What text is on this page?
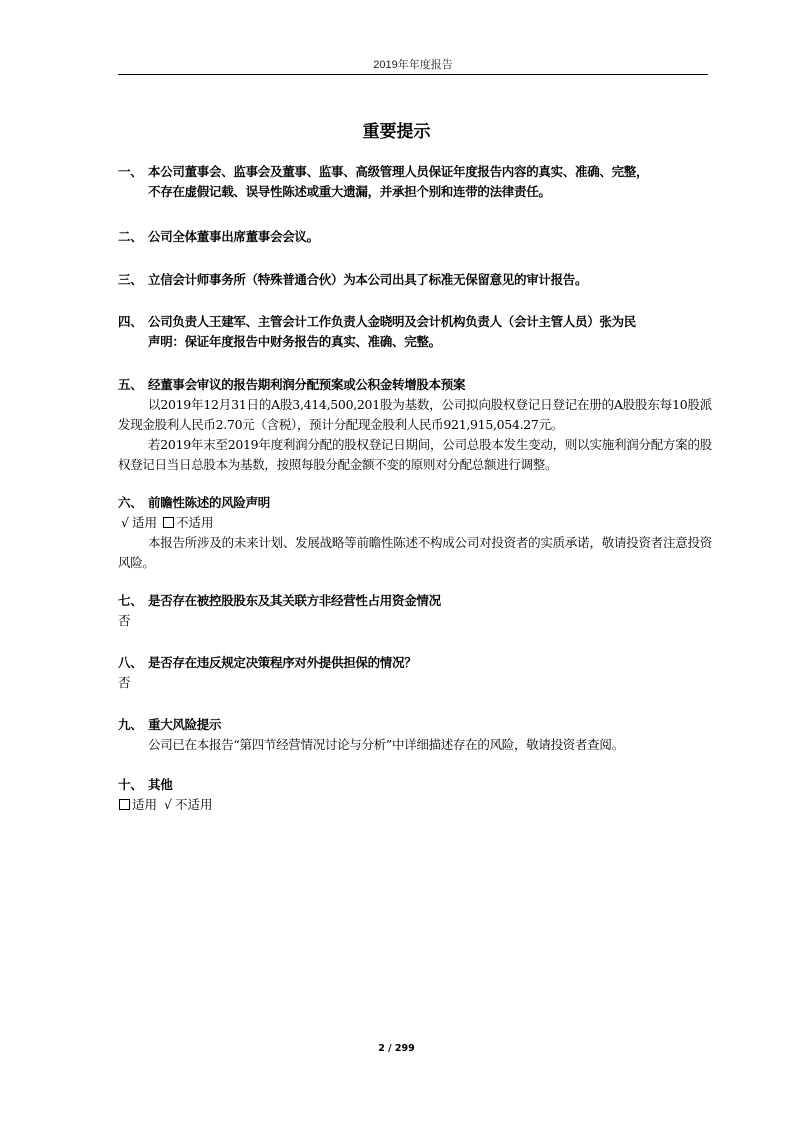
2019年年度报告
重要提示
一、 本公司董事会、监事会及董事、监事、高级管理人员保证年度报告内容的真实、准确、完整，
不存在虚假记载、误导性陈述或重大遗漏，并承担个别和连带的法律责任。
二、 公司全体董事出席董事会会议。
三、 立信会计师事务所（特殊普通合伙）为本公司出具了标准无保留意见的审计报告。
四、 公司负责人王建军、主管会计工作负责人金晓明及会计机构负责人（会计主管人员）张为民
声明：保证年度报告中财务报告的真实、准确、完整。
五、 经董事会审议的报告期利润分配预案或公积金转增股本预案
以2019年12月31日的A股3,414,500,201股为基数，公司拟向股权登记日登记在册的A股股东每10股派发现金股利人民币2.70元（含税），预计分配现金股利人民币921,915,054.27元。
若2019年末至2019年度利润分配的股权登记日期间，公司总股本发生变动，则以实施利润分配方案的股权登记日当日总股本为基数，按照每股分配金额不变的原则对分配总额进行调整。
六、 前瞻性陈述的风险声明
√ 适用 不适用
本报告所涉及的未来计划、发展战略等前瞻性陈述不构成公司对投资者的实质承诺，敬请投资者注意投资风险。
七、 是否存在被控股股东及其关联方非经营性占用资金情况
否
八、 是否存在违反规定决策程序对外提供担保的情况？
否
九、 重大风险提示
公司已在本报告“第四节经营情况讨论与分析”中详细描述存在的风险，敬请投资者查阅。
十、 其他
适用 √ 不适用
2 / 299
